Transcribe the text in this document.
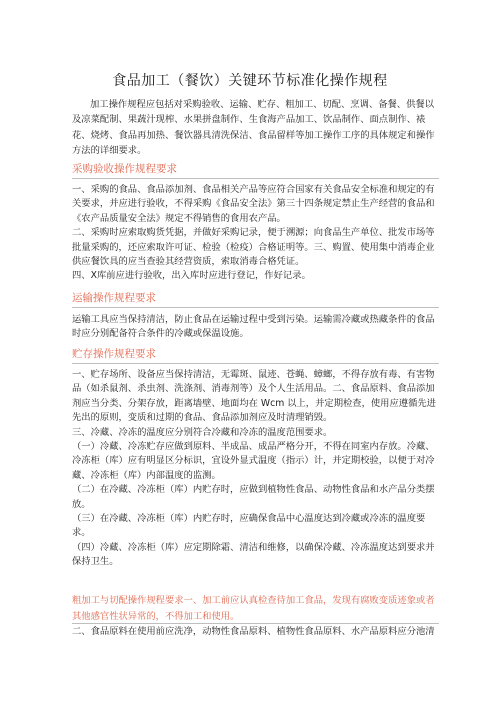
食品加工（餐饮）关键环节标准化操作规程
加工操作规程应包括对采购验收、运输、贮存、粗加工、切配、烹调、备餐、供餐以及凉菜配制、果蔬汁现榨、水果拼盘制作、生食海产品加工、饮品制作、面点制作、裱花、烧烤、食品再加热、餐饮器具清洗保洁、食品留样等加工操作工序的具体规定和操作方法的详细要求。
采购验收操作规程要求

一、采购的食品、食品添加剂、食品相关产品等应符合国家有关食品安全标准和规定的有关要求，并应进行验收，不得采购《食品安全法》第三十四条规定禁止生产经营的食品和《农产品质量安全法》规定不得销售的食用农产品。

二、采购时应索取购货凭据，并做好采购记录，便于溯源；向食品生产单位、批发市场等批量采购的，还应索取许可证、检验（检疫）合格证明等。三、购置、使用集中消毒企业供应餐饮具的应当查验其经营资质，索取消毒合格凭证。

四、X库前应进行验收，出入库时应进行登记，作好记录。

运输操作规程要求

运输工具应当保持清洁，防止食品在运输过程中受到污染。运输需冷藏或热藏条件的食品时应分别配备符合条件的冷藏或保温设施。

贮存操作规程要求

一、贮存场所、设备应当保持清洁，无霉斑、鼠迹、苍蝇、蟑螂，不得存放有毒、有害物品（如杀鼠剂、杀虫剂、洗涤剂、消毒剂等）及个人生活用品。二、食品原料、食品添加剂应当分类、分架存放，距离墙壁、地面均在 Wcm 以上，并定期检查，使用应遵循先进先出的原则，变质和过期的食品、食品添加剂应及时清理销毁。

三、冷藏、冷冻的温度应分别符合冷藏和冷冻的温度范围要求。

（一）冷藏、冷冻贮存应做到原料、半成品、成品严格分开，不得在同室内存放。冷藏、冷冻柜（库）应有明显区分标识，宜设外显式温度（指示）计，并定期校验，以便于对冷藏、冷冻柜（库）内部温度的监测。

（二）在冷藏、冷冻柜（库）内贮存时，应做到植物性食品、动物性食品和水产品分类摆放。

（三）在冷藏、冷冻柜（库）内贮存时，应确保食品中心温度达到冷藏或冷冻的温度要求。

（四）冷藏、冷冻柜（库）应定期除霜、清洁和维修，以确保冷藏、冷冻温度达到要求并保持卫生。

粗加工与切配操作规程要求一、加工前应认真检查待加工食品，发现有腐败变质迹象或者其他感官性状异常的，不得加工和使用。
二、食品原料在使用前应洗净，动物性食品原料、植物性食品原料、水产品原料应分池清
